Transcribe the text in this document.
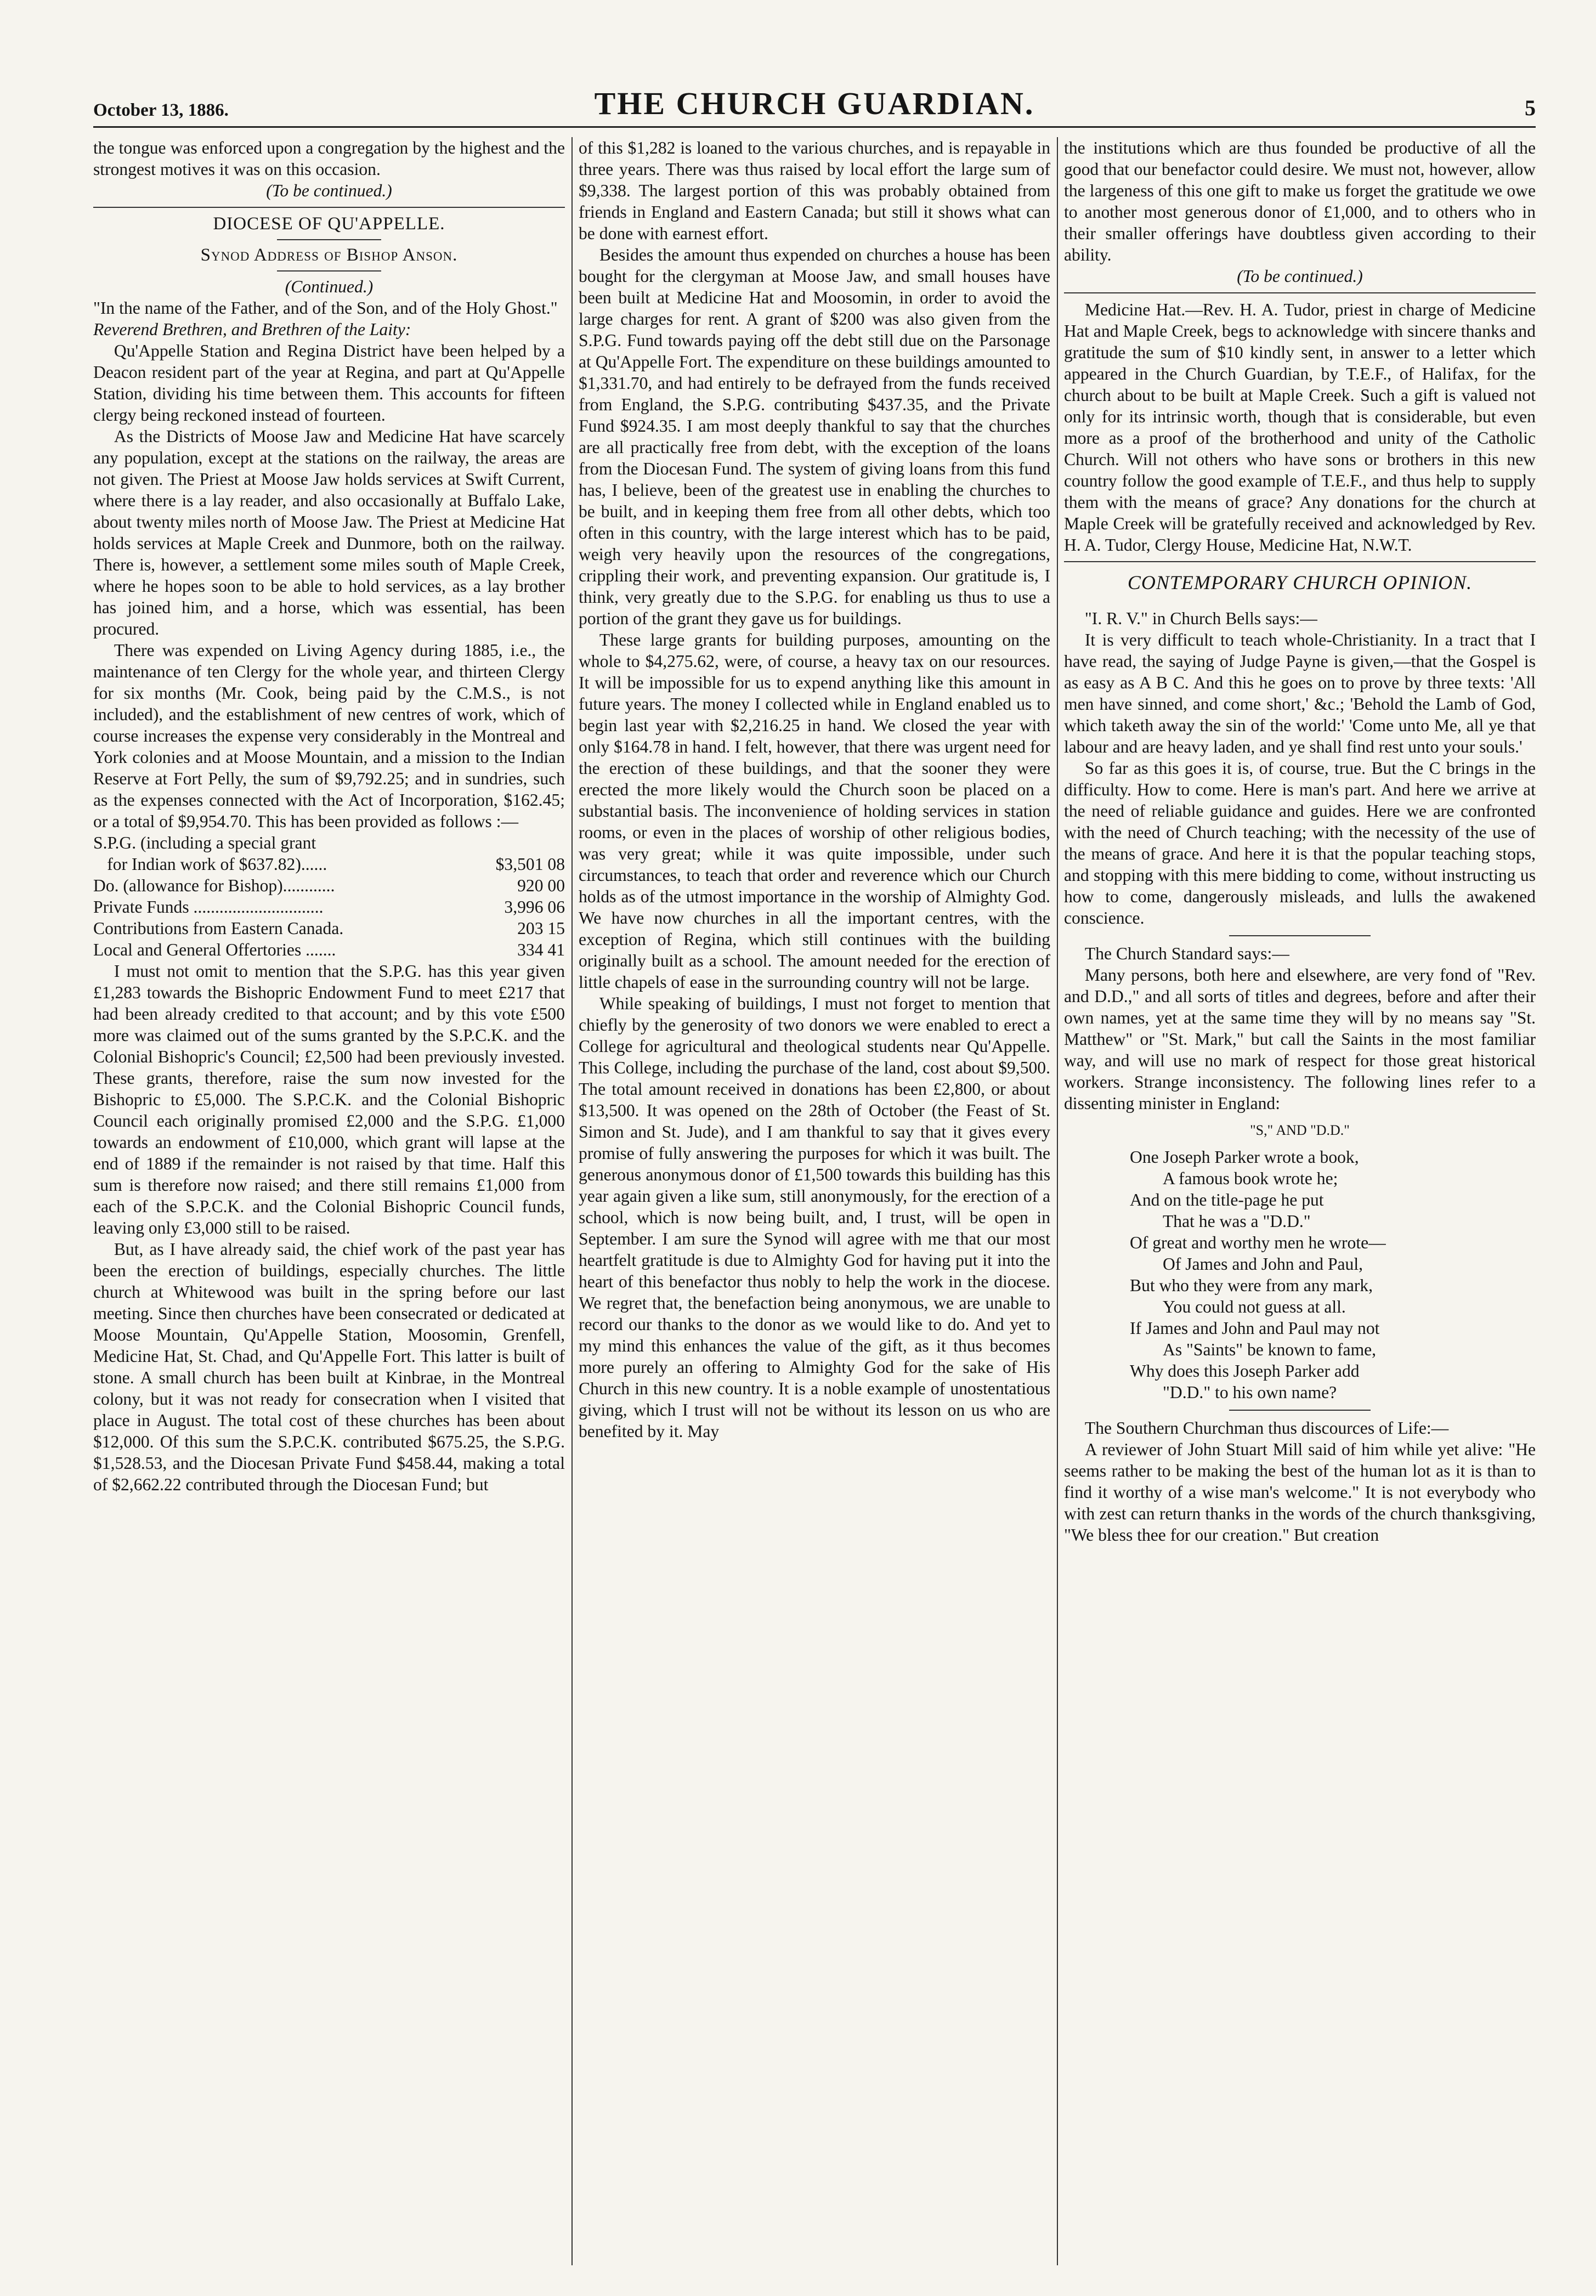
October 13, 1886.	THE CHURCH GUARDIAN.	5

the tongue was enforced upon a congregation by the highest and the strongest motives it was on this occasion.

(To be continued.)

DIOCESE OF QU'APPELLE.
Synod Address of Bishop Anson.

(Continued.)

"In the name of the Father, and of the Son, and of the Holy Ghost."

Reverend Brethren, and Brethren of the Laity:

Qu'Appelle Station and Regina District have been helped by a Deacon resident part of the year at Regina, and part at Qu'Appelle Station, dividing his time between them. This accounts for fifteen clergy being reckoned instead of fourteen.

As the Districts of Moose Jaw and Medicine Hat have scarcely any population, except at the stations on the railway, the areas are not given. The Priest at Moose Jaw holds services at Swift Current, where there is a lay reader, and also occasionally at Buffalo Lake, about twenty miles north of Moose Jaw. The Priest at Medicine Hat holds services at Maple Creek and Dunmore, both on the railway. There is, however, a settlement some miles south of Maple Creek, where he hopes soon to be able to hold services, as a lay brother has joined him, and a horse, which was essential, has been procured.

There was expended on Living Agency during 1885, i.e., the maintenance of ten Clergy for the whole year, and thirteen Clergy for six months (Mr. Cook, being paid by the C.M.S., is not included), and the establishment of new centres of work, which of course increases the expense very considerably in the Montreal and York colonies and at Moose Mountain, and a mission to the Indian Reserve at Fort Pelly, the sum of $9,792.25; and in sundries, such as the expenses connected with the Act of Incorporation, $162.45; or a total of $9,954.70. This has been provided as follows :—

S.P.G. (including a special grant	
for Indian work of $637.82)......	$3,501 08
Do. (allowance for Bishop)............	920 00
Private Funds ..............................	3,996 06
Contributions from Eastern Canada.	203 15
Local and General Offertories .......	334 41

I must not omit to mention that the S.P.G. has this year given £1,283 towards the Bishopric Endowment Fund to meet £217 that had been already credited to that account; and by this vote £500 more was claimed out of the sums granted by the S.P.C.K. and the Colonial Bishopric's Council; £2,500 had been previously invested. These grants, therefore, raise the sum now invested for the Bishopric to £5,000. The S.P.C.K. and the Colonial Bishopric Council each originally promised £2,000 and the S.P.G. £1,000 towards an endowment of £10,000, which grant will lapse at the end of 1889 if the remainder is not raised by that time. Half this sum is therefore now raised; and there still remains £1,000 from each of the S.P.C.K. and the Colonial Bishopric Council funds, leaving only £3,000 still to be raised.

But, as I have already said, the chief work of the past year has been the erection of buildings, especially churches. The little church at Whitewood was built in the spring before our last meeting. Since then churches have been consecrated or dedicated at Moose Mountain, Qu'Appelle Station, Moosomin, Grenfell, Medicine Hat, St. Chad, and Qu'Appelle Fort. This latter is built of stone. A small church has been built at Kinbrae, in the Montreal colony, but it was not ready for consecration when I visited that place in August. The total cost of these churches has been about $12,000. Of this sum the S.P.C.K. contributed $675.25, the S.P.G. $1,528.53, and the Diocesan Private Fund $458.44, making a total of $2,662.22 contributed through the Diocesan Fund; but

of this $1,282 is loaned to the various churches, and is repayable in three years. There was thus raised by local effort the large sum of $9,338. The largest portion of this was probably obtained from friends in England and Eastern Canada; but still it shows what can be done with earnest effort.

Besides the amount thus expended on churches a house has been bought for the clergyman at Moose Jaw, and small houses have been built at Medicine Hat and Moosomin, in order to avoid the large charges for rent. A grant of $200 was also given from the S.P.G. Fund towards paying off the debt still due on the Parsonage at Qu'Appelle Fort. The expenditure on these buildings amounted to $1,331.70, and had entirely to be defrayed from the funds received from England, the S.P.G. contributing $437.35, and the Private Fund $924.35. I am most deeply thankful to say that the churches are all practically free from debt, with the exception of the loans from the Diocesan Fund. The system of giving loans from this fund has, I believe, been of the greatest use in enabling the churches to be built, and in keeping them free from all other debts, which too often in this country, with the large interest which has to be paid, weigh very heavily upon the resources of the congregations, crippling their work, and preventing expansion. Our gratitude is, I think, very greatly due to the S.P.G. for enabling us thus to use a portion of the grant they gave us for buildings.

These large grants for building purposes, amounting on the whole to $4,275.62, were, of course, a heavy tax on our resources. It will be impossible for us to expend anything like this amount in future years. The money I collected while in England enabled us to begin last year with $2,216.25 in hand. We closed the year with only $164.78 in hand. I felt, however, that there was urgent need for the erection of these buildings, and that the sooner they were erected the more likely would the Church soon be placed on a substantial basis. The inconvenience of holding services in station rooms, or even in the places of worship of other religious bodies, was very great; while it was quite impossible, under such circumstances, to teach that order and reverence which our Church holds as of the utmost importance in the worship of Almighty God. We have now churches in all the important centres, with the exception of Regina, which still continues with the building originally built as a school. The amount needed for the erection of little chapels of ease in the surrounding country will not be large.

While speaking of buildings, I must not forget to mention that chiefly by the generosity of two donors we were enabled to erect a College for agricultural and theological students near Qu'Appelle. This College, including the purchase of the land, cost about $9,500. The total amount received in donations has been £2,800, or about $13,500. It was opened on the 28th of October (the Feast of St. Simon and St. Jude), and I am thankful to say that it gives every promise of fully answering the purposes for which it was built. The generous anonymous donor of £1,500 towards this building has this year again given a like sum, still anonymously, for the erection of a school, which is now being built, and, I trust, will be open in September. I am sure the Synod will agree with me that our most heartfelt gratitude is due to Almighty God for having put it into the heart of this benefactor thus nobly to help the work in the diocese. We regret that, the benefaction being anonymous, we are unable to record our thanks to the donor as we would like to do. And yet to my mind this enhances the value of the gift, as it thus becomes more purely an offering to Almighty God for the sake of His Church in this new country. It is a noble example of unostentatious giving, which I trust will not be without its lesson on us who are benefited by it. May

the institutions which are thus founded be productive of all the good that our benefactor could desire. We must not, however, allow the largeness of this one gift to make us forget the gratitude we owe to another most generous donor of £1,000, and to others who in their smaller offerings have doubtless given according to their ability.

(To be continued.)

Medicine Hat.—Rev. H. A. Tudor, priest in charge of Medicine Hat and Maple Creek, begs to acknowledge with sincere thanks and gratitude the sum of $10 kindly sent, in answer to a letter which appeared in the Church Guardian, by T.E.F., of Halifax, for the church about to be built at Maple Creek. Such a gift is valued not only for its intrinsic worth, though that is considerable, but even more as a proof of the brotherhood and unity of the Catholic Church. Will not others who have sons or brothers in this new country follow the good example of T.E.F., and thus help to supply them with the means of grace? Any donations for the church at Maple Creek will be gratefully received and acknowledged by Rev. H. A. Tudor, Clergy House, Medicine Hat, N.W.T.

CONTEMPORARY CHURCH OPINION.

"I. R. V." in Church Bells says:—

It is very difficult to teach whole-Christianity. In a tract that I have read, the saying of Judge Payne is given,—that the Gospel is as easy as A B C. And this he goes on to prove by three texts: 'All men have sinned, and come short,' &c.; 'Behold the Lamb of God, which taketh away the sin of the world:' 'Come unto Me, all ye that labour and are heavy laden, and ye shall find rest unto your souls.'

So far as this goes it is, of course, true. But the C brings in the difficulty. How to come. Here is man's part. And here we arrive at the need of reliable guidance and guides. Here we are confronted with the need of Church teaching; with the necessity of the use of the means of grace. And here it is that the popular teaching stops, and stopping with this mere bidding to come, without instructing us how to come, dangerously misleads, and lulls the awakened conscience.

The Church Standard says:—

Many persons, both here and elsewhere, are very fond of "Rev. and D.D.," and all sorts of titles and degrees, before and after their own names, yet at the same time they will by no means say "St. Matthew" or "St. Mark," but call the Saints in the most familiar way, and will use no mark of respect for those great historical workers. Strange inconsistency. The following lines refer to a dissenting minister in England:

"S," AND "D.D."

One Joseph Parker wrote a book,
A famous book wrote he;
And on the title-page he put
That he was a "D.D."
Of great and worthy men he wrote—
Of James and John and Paul,
But who they were from any mark,
You could not guess at all.
If James and John and Paul may not
As "Saints" be known to fame,
Why does this Joseph Parker add
"D.D." to his own name?

The Southern Churchman thus discources of Life:—

A reviewer of John Stuart Mill said of him while yet alive: "He seems rather to be making the best of the human lot as it is than to find it worthy of a wise man's welcome." It is not everybody who with zest can return thanks in the words of the church thanksgiving, "We bless thee for our creation." But creation
